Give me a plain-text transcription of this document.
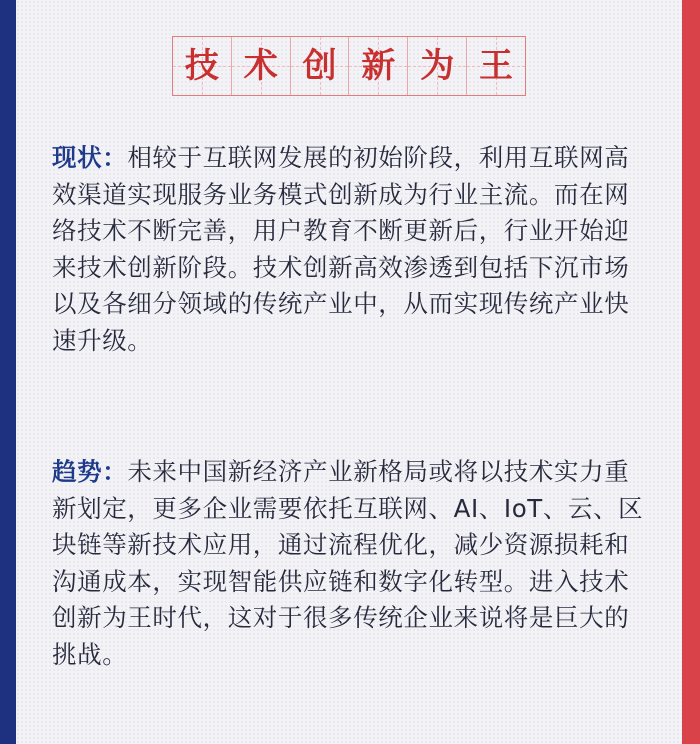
技 术 创 新 为 王

现状：相较于互联网发展的初始阶段，利用互联网高效渠道实现服务业务模式创新成为行业主流。而在网络技术不断完善，用户教育不断更新后，行业开始迎来技术创新阶段。技术创新高效渗透到包括下沉市场以及各细分领域的传统产业中，从而实现传统产业快速升级。

趋势：未来中国新经济产业新格局或将以技术实力重新划定，更多企业需要依托互联网、AI、IoT、云、区块链等新技术应用，通过流程优化，减少资源损耗和沟通成本，实现智能供应链和数字化转型。进入技术创新为王时代，这对于很多传统企业来说将是巨大的挑战。
